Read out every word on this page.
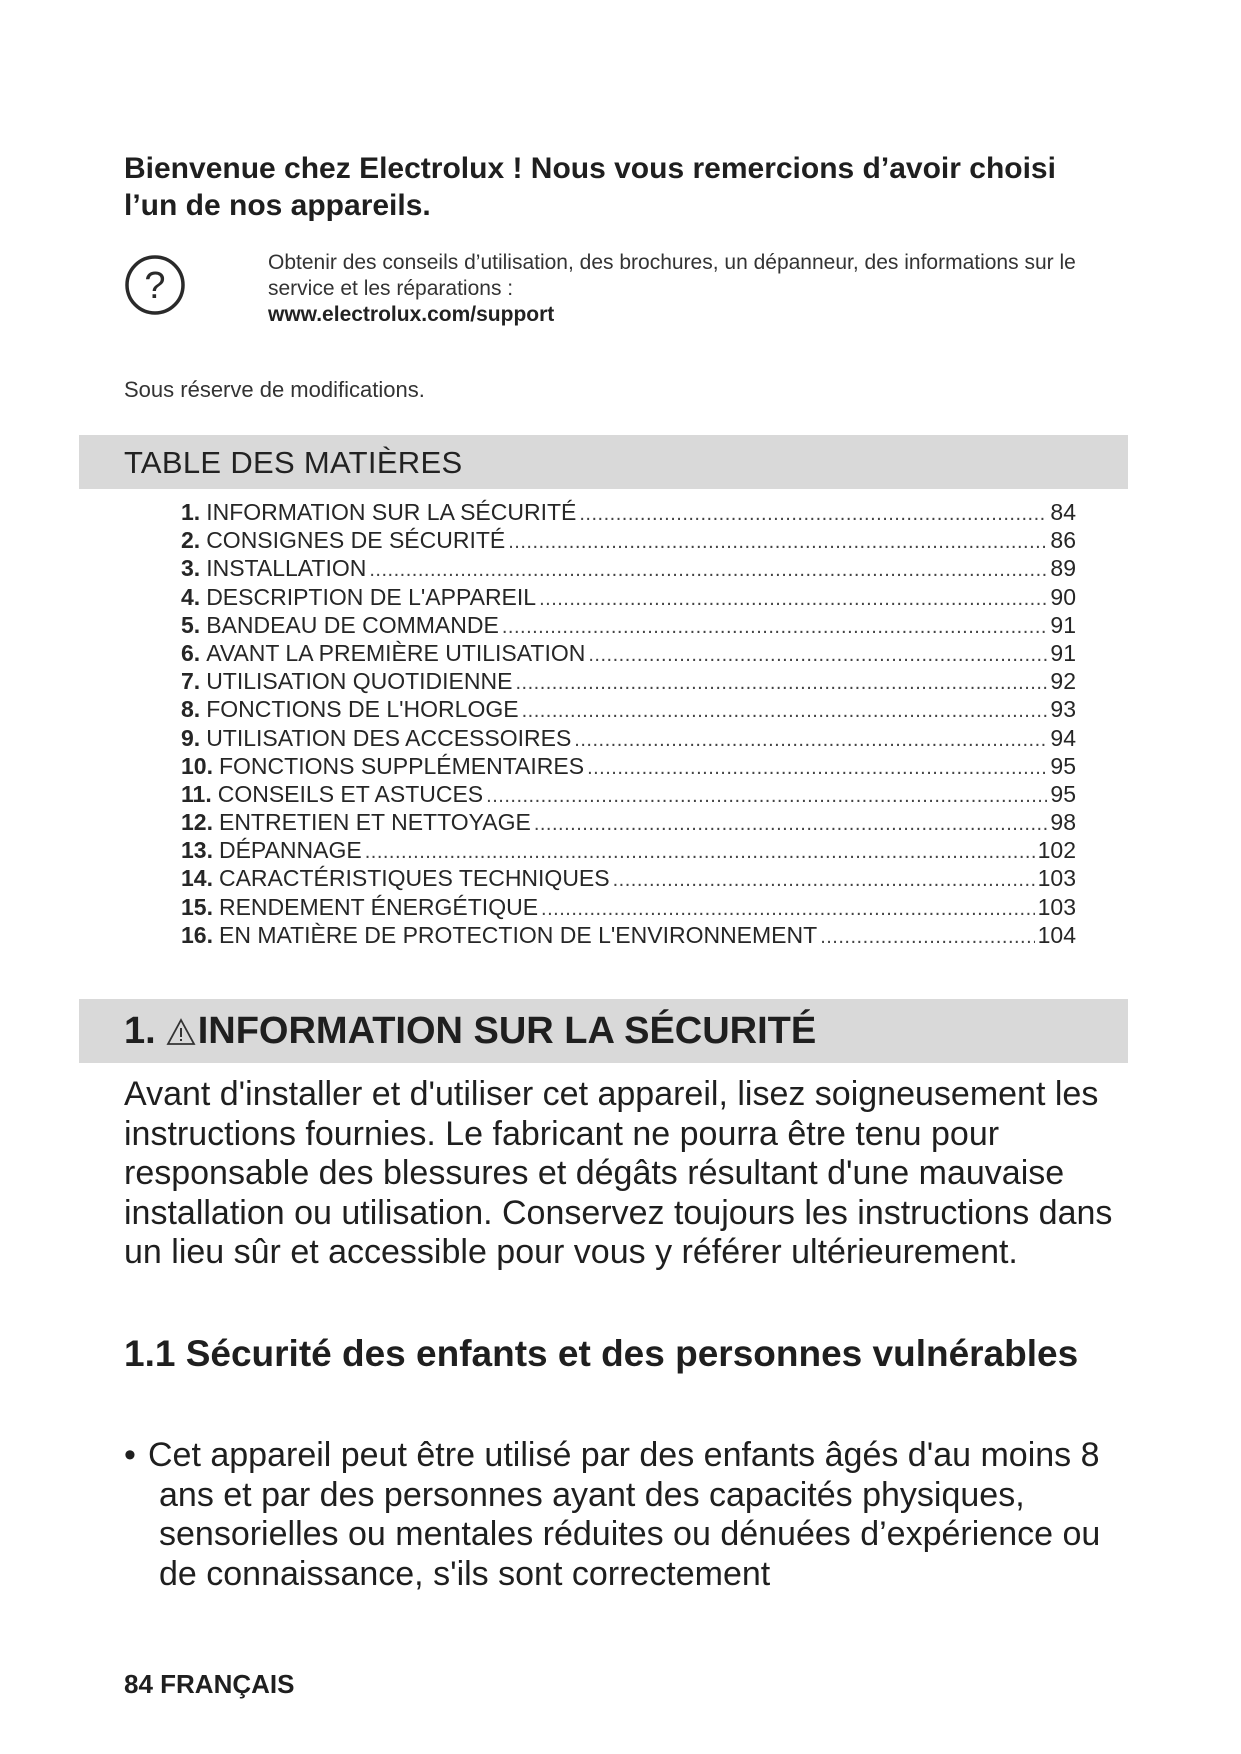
Bienvenue chez Electrolux ! Nous vous remercions d’avoir choisi l’un de nos appareils.
?
Obtenir des conseils d’utilisation, des brochures, un dépanneur, des informations sur le service et les réparations :
www.electrolux.com/support
Sous réserve de modifications.
TABLE DES MATIÈRES
1. INFORMATION SUR LA SÉCURITÉ .....	84
2. CONSIGNES DE SÉCURITÉ .....	86
3. INSTALLATION .....	89
4. DESCRIPTION DE L'APPAREIL .....	90
5. BANDEAU DE COMMANDE .....	91
6. AVANT LA PREMIÈRE UTILISATION .....	91
7. UTILISATION QUOTIDIENNE .....	92
8. FONCTIONS DE L'HORLOGE .....	93
9. UTILISATION DES ACCESSOIRES .....	94
10. FONCTIONS SUPPLÉMENTAIRES .....	95
11. CONSEILS ET ASTUCES .....	95
12. ENTRETIEN ET NETTOYAGE .....	98
13. DÉPANNAGE .....	102
14. CARACTÉRISTIQUES TECHNIQUES .....	103
15. RENDEMENT ÉNERGÉTIQUE .....	103
16. EN MATIÈRE DE PROTECTION DE L'ENVIRONNEMENT .....	104
1. INFORMATION SUR LA SÉCURITÉ
Avant d'installer et d'utiliser cet appareil, lisez soigneusement les instructions fournies. Le fabricant ne pourra être tenu pour responsable des blessures et dégâts résultant d'une mauvaise installation ou utilisation. Conservez toujours les instructions dans un lieu sûr et accessible pour vous y référer ultérieurement.
1.1 Sécurité des enfants et des personnes vulnérables
• Cet appareil peut être utilisé par des enfants âgés d'au moins 8 ans et par des personnes ayant des capacités physiques, sensorielles ou mentales réduites ou dénuées d’expérience ou de connaissance, s'ils sont correctement
84 FRANÇAIS
